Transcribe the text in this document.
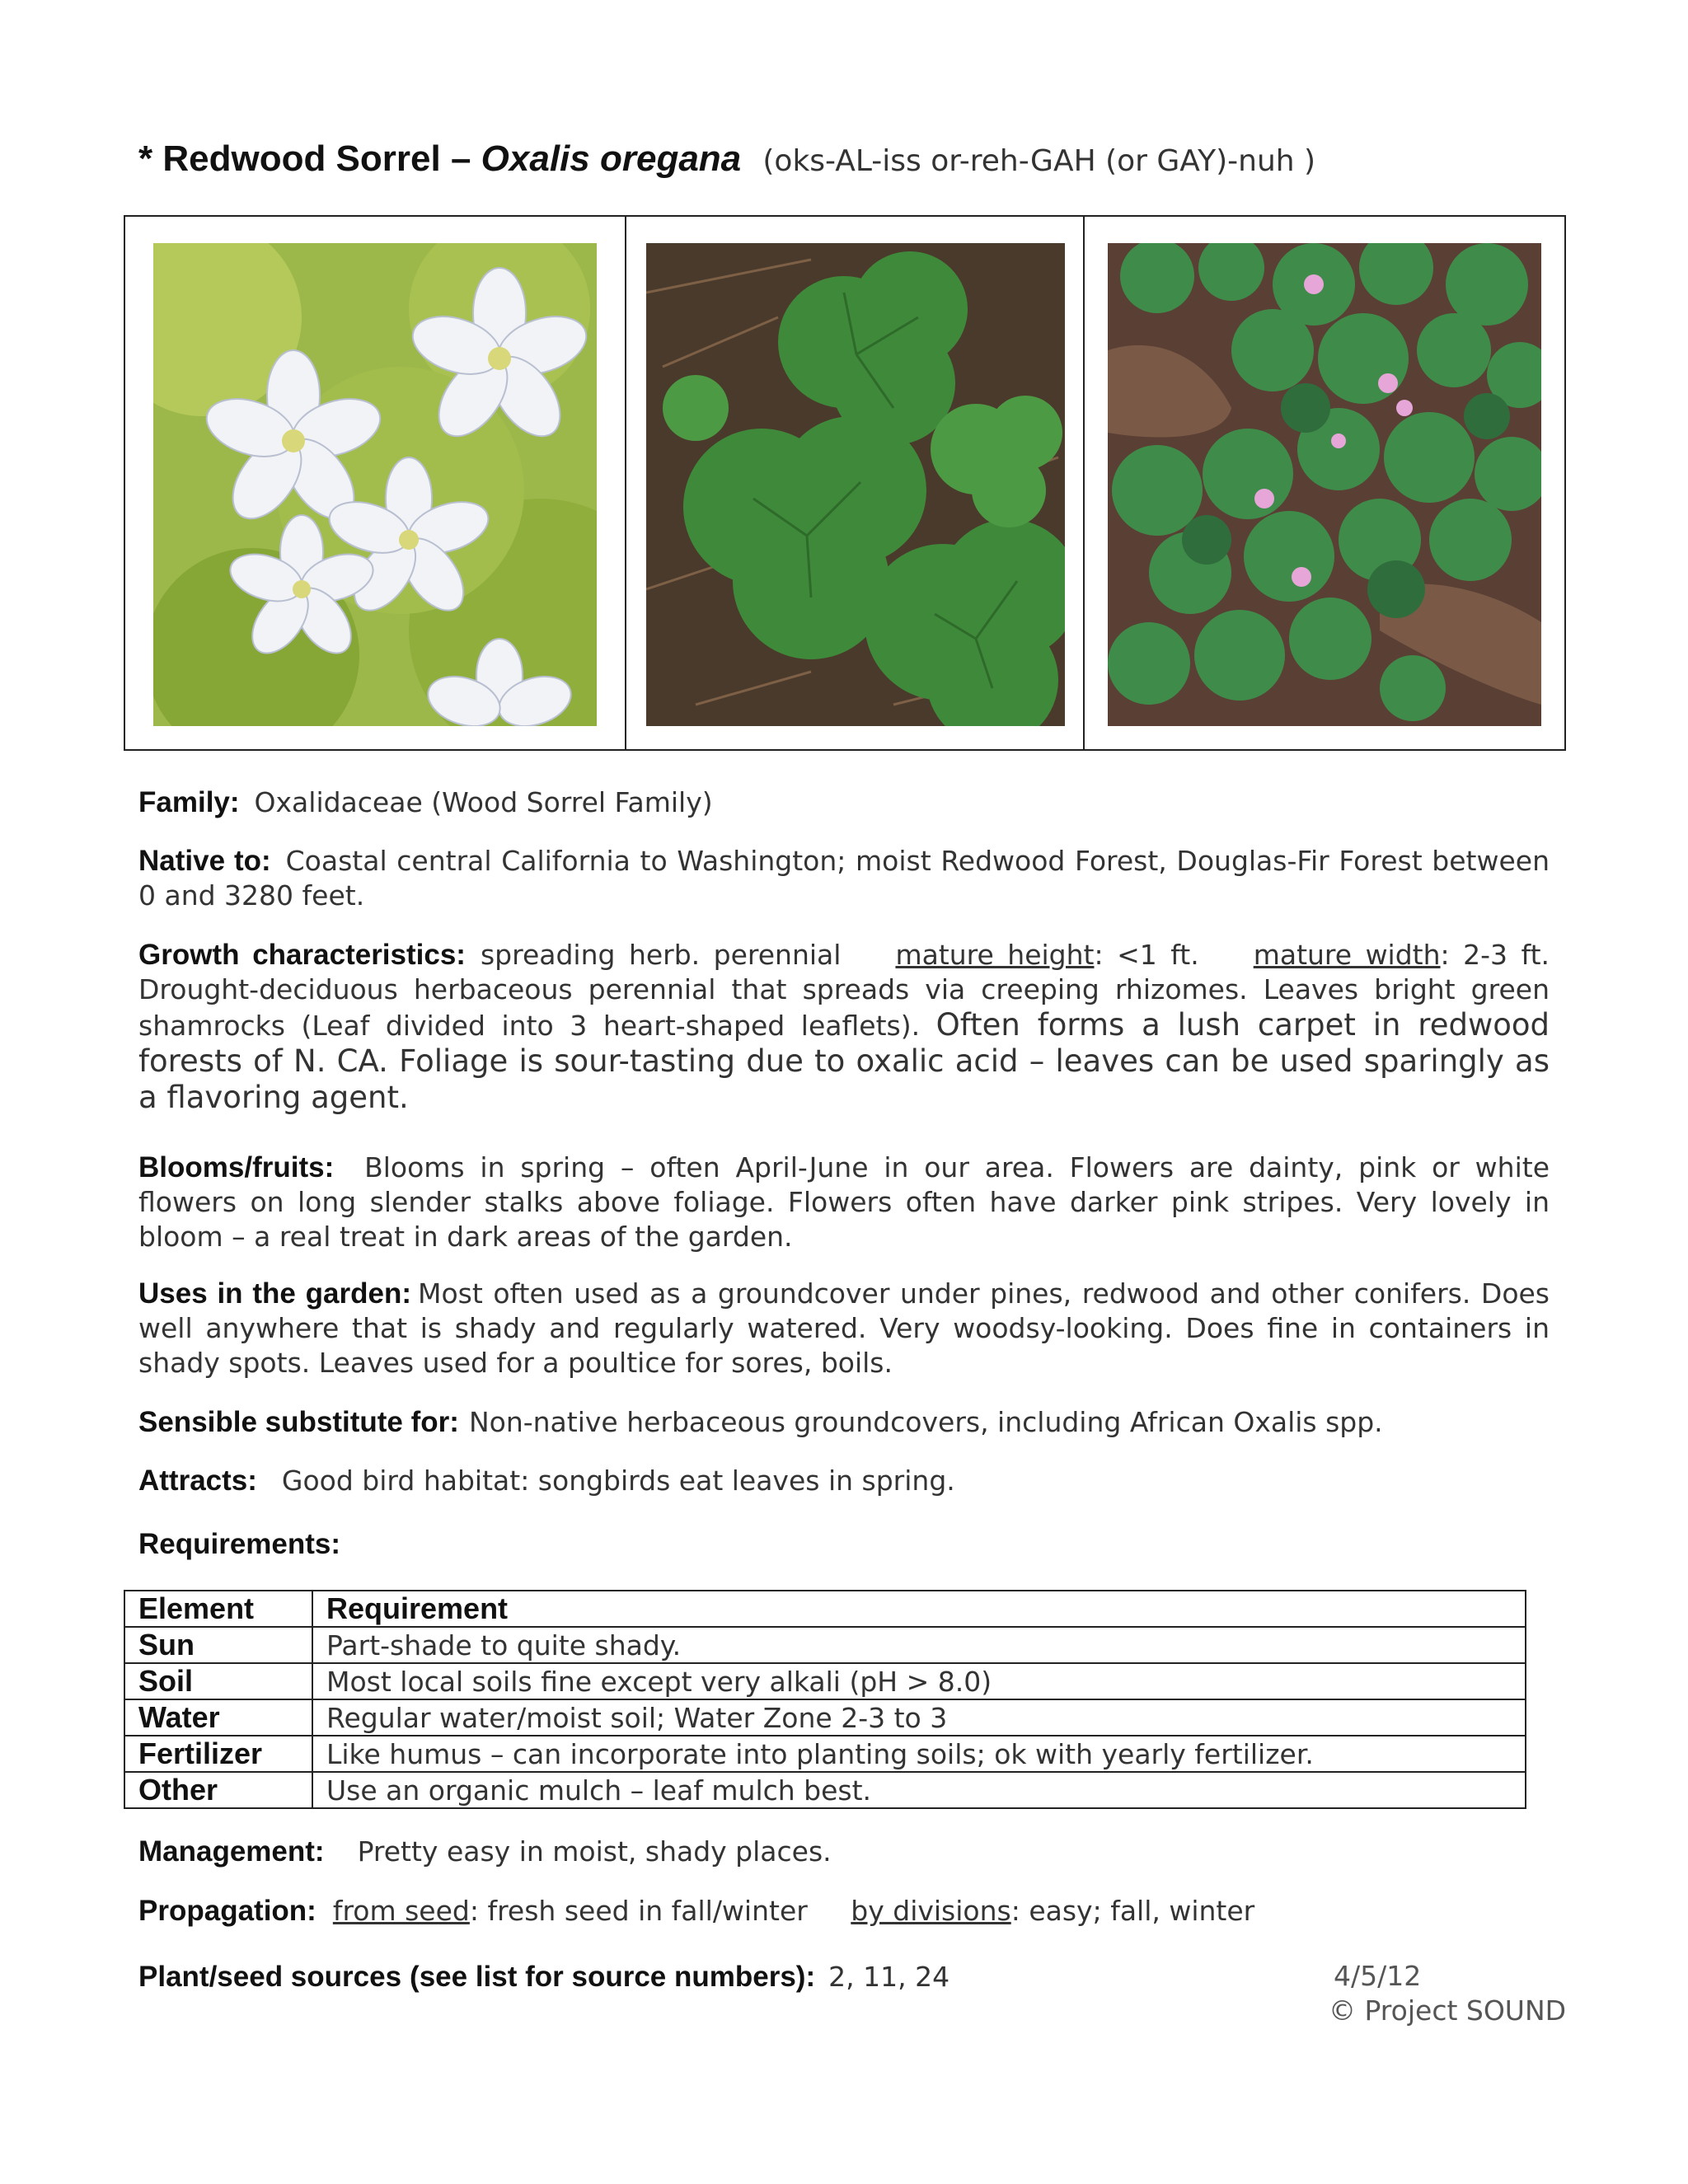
* Redwood Sorrel – Oxalis oregana (oks-AL-iss or-reh-GAH (or GAY)-nuh )
Family: Oxalidaceae (Wood Sorrel Family)
Native to: Coastal central California to Washington; moist Redwood Forest, Douglas-Fir Forest between 0 and 3280 feet.
Growth characteristics: spreading herb. perennial mature height: <1 ft. mature width: 2-3 ft. Drought-deciduous herbaceous perennial that spreads via creeping rhizomes. Leaves bright green shamrocks (Leaf divided into 3 heart-shaped leaflets). Often forms a lush carpet in redwood forests of N. CA. Foliage is sour-tasting due to oxalic acid – leaves can be used sparingly as a flavoring agent.
Blooms/fruits: Blooms in spring – often April-June in our area. Flowers are dainty, pink or white flowers on long slender stalks above foliage. Flowers often have darker pink stripes. Very lovely in bloom – a real treat in dark areas of the garden.
Uses in the garden: Most often used as a groundcover under pines, redwood and other conifers. Does well anywhere that is shady and regularly watered. Very woodsy-looking. Does fine in containers in shady spots. Leaves used for a poultice for sores, boils.
Sensible substitute for: Non-native herbaceous groundcovers, including African Oxalis spp.
Attracts: Good bird habitat: songbirds eat leaves in spring.
Requirements:
Element	Requirement
Sun	Part-shade to quite shady.
Soil	Most local soils fine except very alkali (pH > 8.0)
Water	Regular water/moist soil; Water Zone 2-3 to 3
Fertilizer	Like humus – can incorporate into planting soils; ok with yearly fertilizer.
Other	Use an organic mulch – leaf mulch best.
Management: Pretty easy in moist, shady places.
Propagation: from seed: fresh seed in fall/winter by divisions: easy; fall, winter
Plant/seed sources (see list for source numbers): 2, 11, 24	4/5/12
© Project SOUND
